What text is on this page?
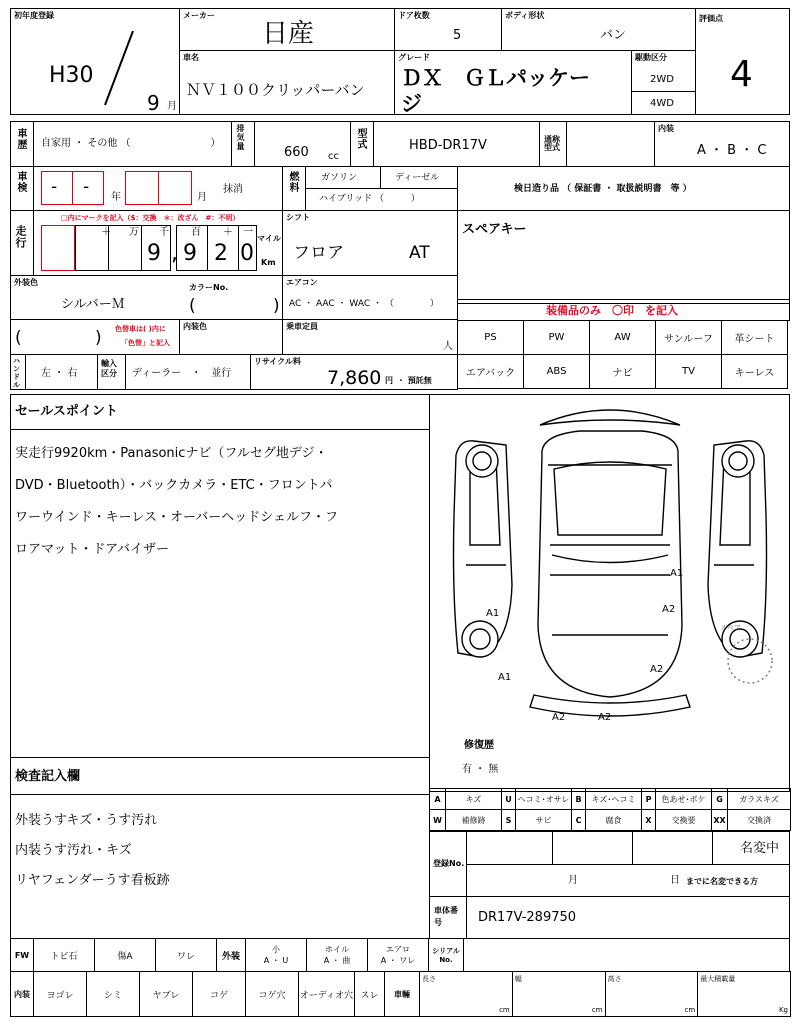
初年度登録
H30
9 月
メーカー
日産
ドア枚数
5
ボディ形状
バン
評価点
4
車名
ＮＶ１００クリッパーバン
グレード
ＤＸ　ＧＬパッケージ
駆動区分
2WD
4WD
車歴 自家用 ・ その他 （　　　　　　　　） 排気量
660 cc
型式	HBD-DR17V	通称型式
内装
A ・ B ・ C
車検 - -
年	月
抹消	燃料	ガソリン	ディーゼル
ハイブリッド （　　　）
検日造り品 （ 保証書 ・ 取扱説明書　等 ）
走行
□内にマークを記入（$：交換　＊：改ざん　#：不明）
＋ 万 千 百 ＋ 一
9 , 9 2 0
マイル
Km
シフト
フロア	AT
スペアキー
外装色
シルバーＭ
カラーNo.
(	)
エアコン
AC ・ AAC ・ WAC ・ （　　　　）	装備品のみ　〇印　を記入
(	) 色替車は( )内に
「色替」と記入
内装色	乗車定員
人
PS	PW	AW	サンルーフ	革シート
エアバック	ABS	ナビ	TV	キーレス
ハンドル
左 ・ 右
輸入区分	ディーラー　・　並行
リサイクル料
7,860 円 ・ 預託無
セールスポイント
実走行9920km・Panasonicナビ（フルセグ地デジ・
DVD・Bluetooth）・バックカメラ・ETC・フロントパ
ワーウインド・キーレス・オーバーヘッドシェルフ・フ
ロアマット・ドアバイザー
A1
A1
A2
A1
A2
A2	A2
スペア
修復歴
有 ・ 無
検査記入欄
外装うすキズ・うす汚れ
内装うす汚れ・キズ
リヤフェンダーうす看板跡
A	キズ	U ヘコミ･オサレ B	キズ･ヘコミ	P	色あせ･ボケ	G	ガラスキズ
W	補修跡	S	サビ	C	腐食	X	交換要	XX	交換済
登録No.
名変中
月	日 までに名変できる方
車体番号	DR17V-289750
FW	トビ石	傷A	ワレ	外装
小
A ・ U
ホイル
A ・ 曲
エアロ
A ・ ワレ
シリアルNo.
内装	ヨゴレ	シミ	ヤブレ	コゲ	コゲ穴	オーディオ穴 スレ	車輛
長さ
cm
幅
cm
高さ
cm
最大積載量
Kg
